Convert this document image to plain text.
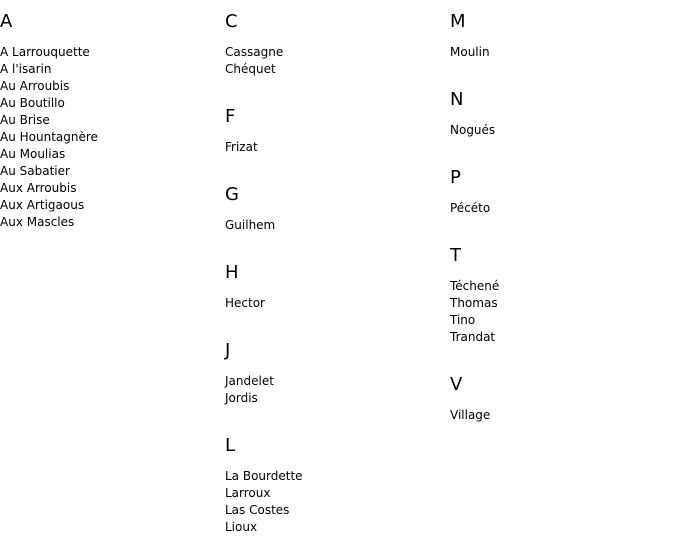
A
A Larrouquette
A l'isarin
Au Arroubis
Au Boutillo
Au Brise
Au Hountagnère
Au Moulias
Au Sabatier
Aux Arroubis
Aux Artigaous
Aux Mascles
C
Cassagne
Chéquet
F
Frizat
G
Guilhem
H
Hector
J
Jandelet
Jordis
L
La Bourdette
Larroux
Las Costes
Lioux
M
Moulin
N
Nogués
P
Pécéto
T
Téchené
Thomas
Tino
Trandat
V
Village
